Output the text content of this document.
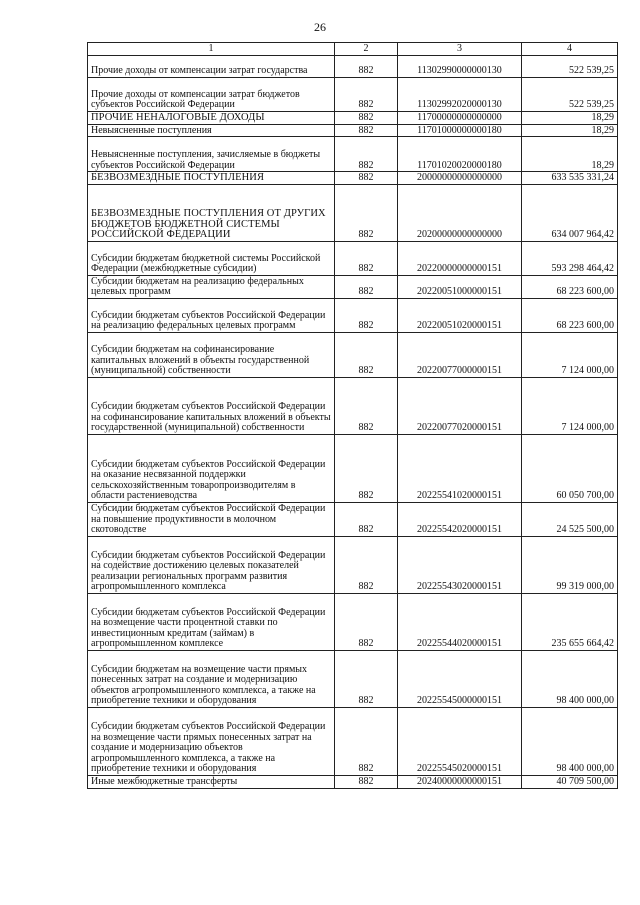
26
1	2	3	4
Прочие доходы от компенсации затрат государства	882	11302990000000130	522 539,25
Прочие доходы от компенсации затрат бюджетов субъектов Российской Федерации	882	11302992020000130	522 539,25
ПРОЧИЕ НЕНАЛОГОВЫЕ ДОХОДЫ	882	11700000000000000	18,29
Невыясненные поступления	882	11701000000000180	18,29
Невыясненные поступления, зачисляемые в бюджеты субъектов Российской Федерации	882	11701020020000180	18,29
БЕЗВОЗМЕЗДНЫЕ ПОСТУПЛЕНИЯ	882	20000000000000000	633 535 331,24
БЕЗВОЗМЕЗДНЫЕ ПОСТУПЛЕНИЯ ОТ ДРУГИХ БЮДЖЕТОВ БЮДЖЕТНОЙ СИСТЕМЫ РОССИЙСКОЙ ФЕДЕРАЦИИ	882	20200000000000000	634 007 964,42
Субсидии бюджетам бюджетной системы Российской Федерации (межбюджетные субсидии)	882	20220000000000151	593 298 464,42
Субсидии бюджетам на реализацию федеральных целевых программ	882	20220051000000151	68 223 600,00
Субсидии бюджетам субъектов Российской Федерации на реализацию федеральных целевых программ	882	20220051020000151	68 223 600,00
Субсидии бюджетам на софинансирование капитальных вложений в объекты государственной (муниципальной) собственности	882	20220077000000151	7 124 000,00
Субсидии бюджетам субъектов Российской Федерации на софинансирование капитальных вложений в объекты государственной (муниципальной) собственности	882	20220077020000151	7 124 000,00
Субсидии бюджетам субъектов Российской Федерации на оказание несвязанной поддержки сельскохозяйственным товаропроизводителям в области растениеводства	882	20225541020000151	60 050 700,00
Субсидии бюджетам субъектов Российской Федерации на повышение продуктивности в молочном скотоводстве	882	20225542020000151	24 525 500,00
Субсидии бюджетам субъектов Российской Федерации на содействие достижению целевых показателей реализации региональных программ развития агропромышленного комплекса	882	20225543020000151	99 319 000,00
Субсидии бюджетам субъектов Российской Федерации на возмещение части процентной ставки по инвестиционным кредитам (займам) в агропромышленном комплексе	882	20225544020000151	235 655 664,42
Субсидии бюджетам на возмещение части прямых понесенных затрат на создание и модернизацию объектов агропромышленного комплекса, а также на приобретение техники и оборудования	882	20225545000000151	98 400 000,00
Субсидии бюджетам субъектов Российской Федерации на возмещение части прямых понесенных затрат на создание и модернизацию объектов агропромышленного комплекса, а также на приобретение техники и оборудования	882	20225545020000151	98 400 000,00
Иные межбюджетные трансферты	882	20240000000000151	40 709 500,00
